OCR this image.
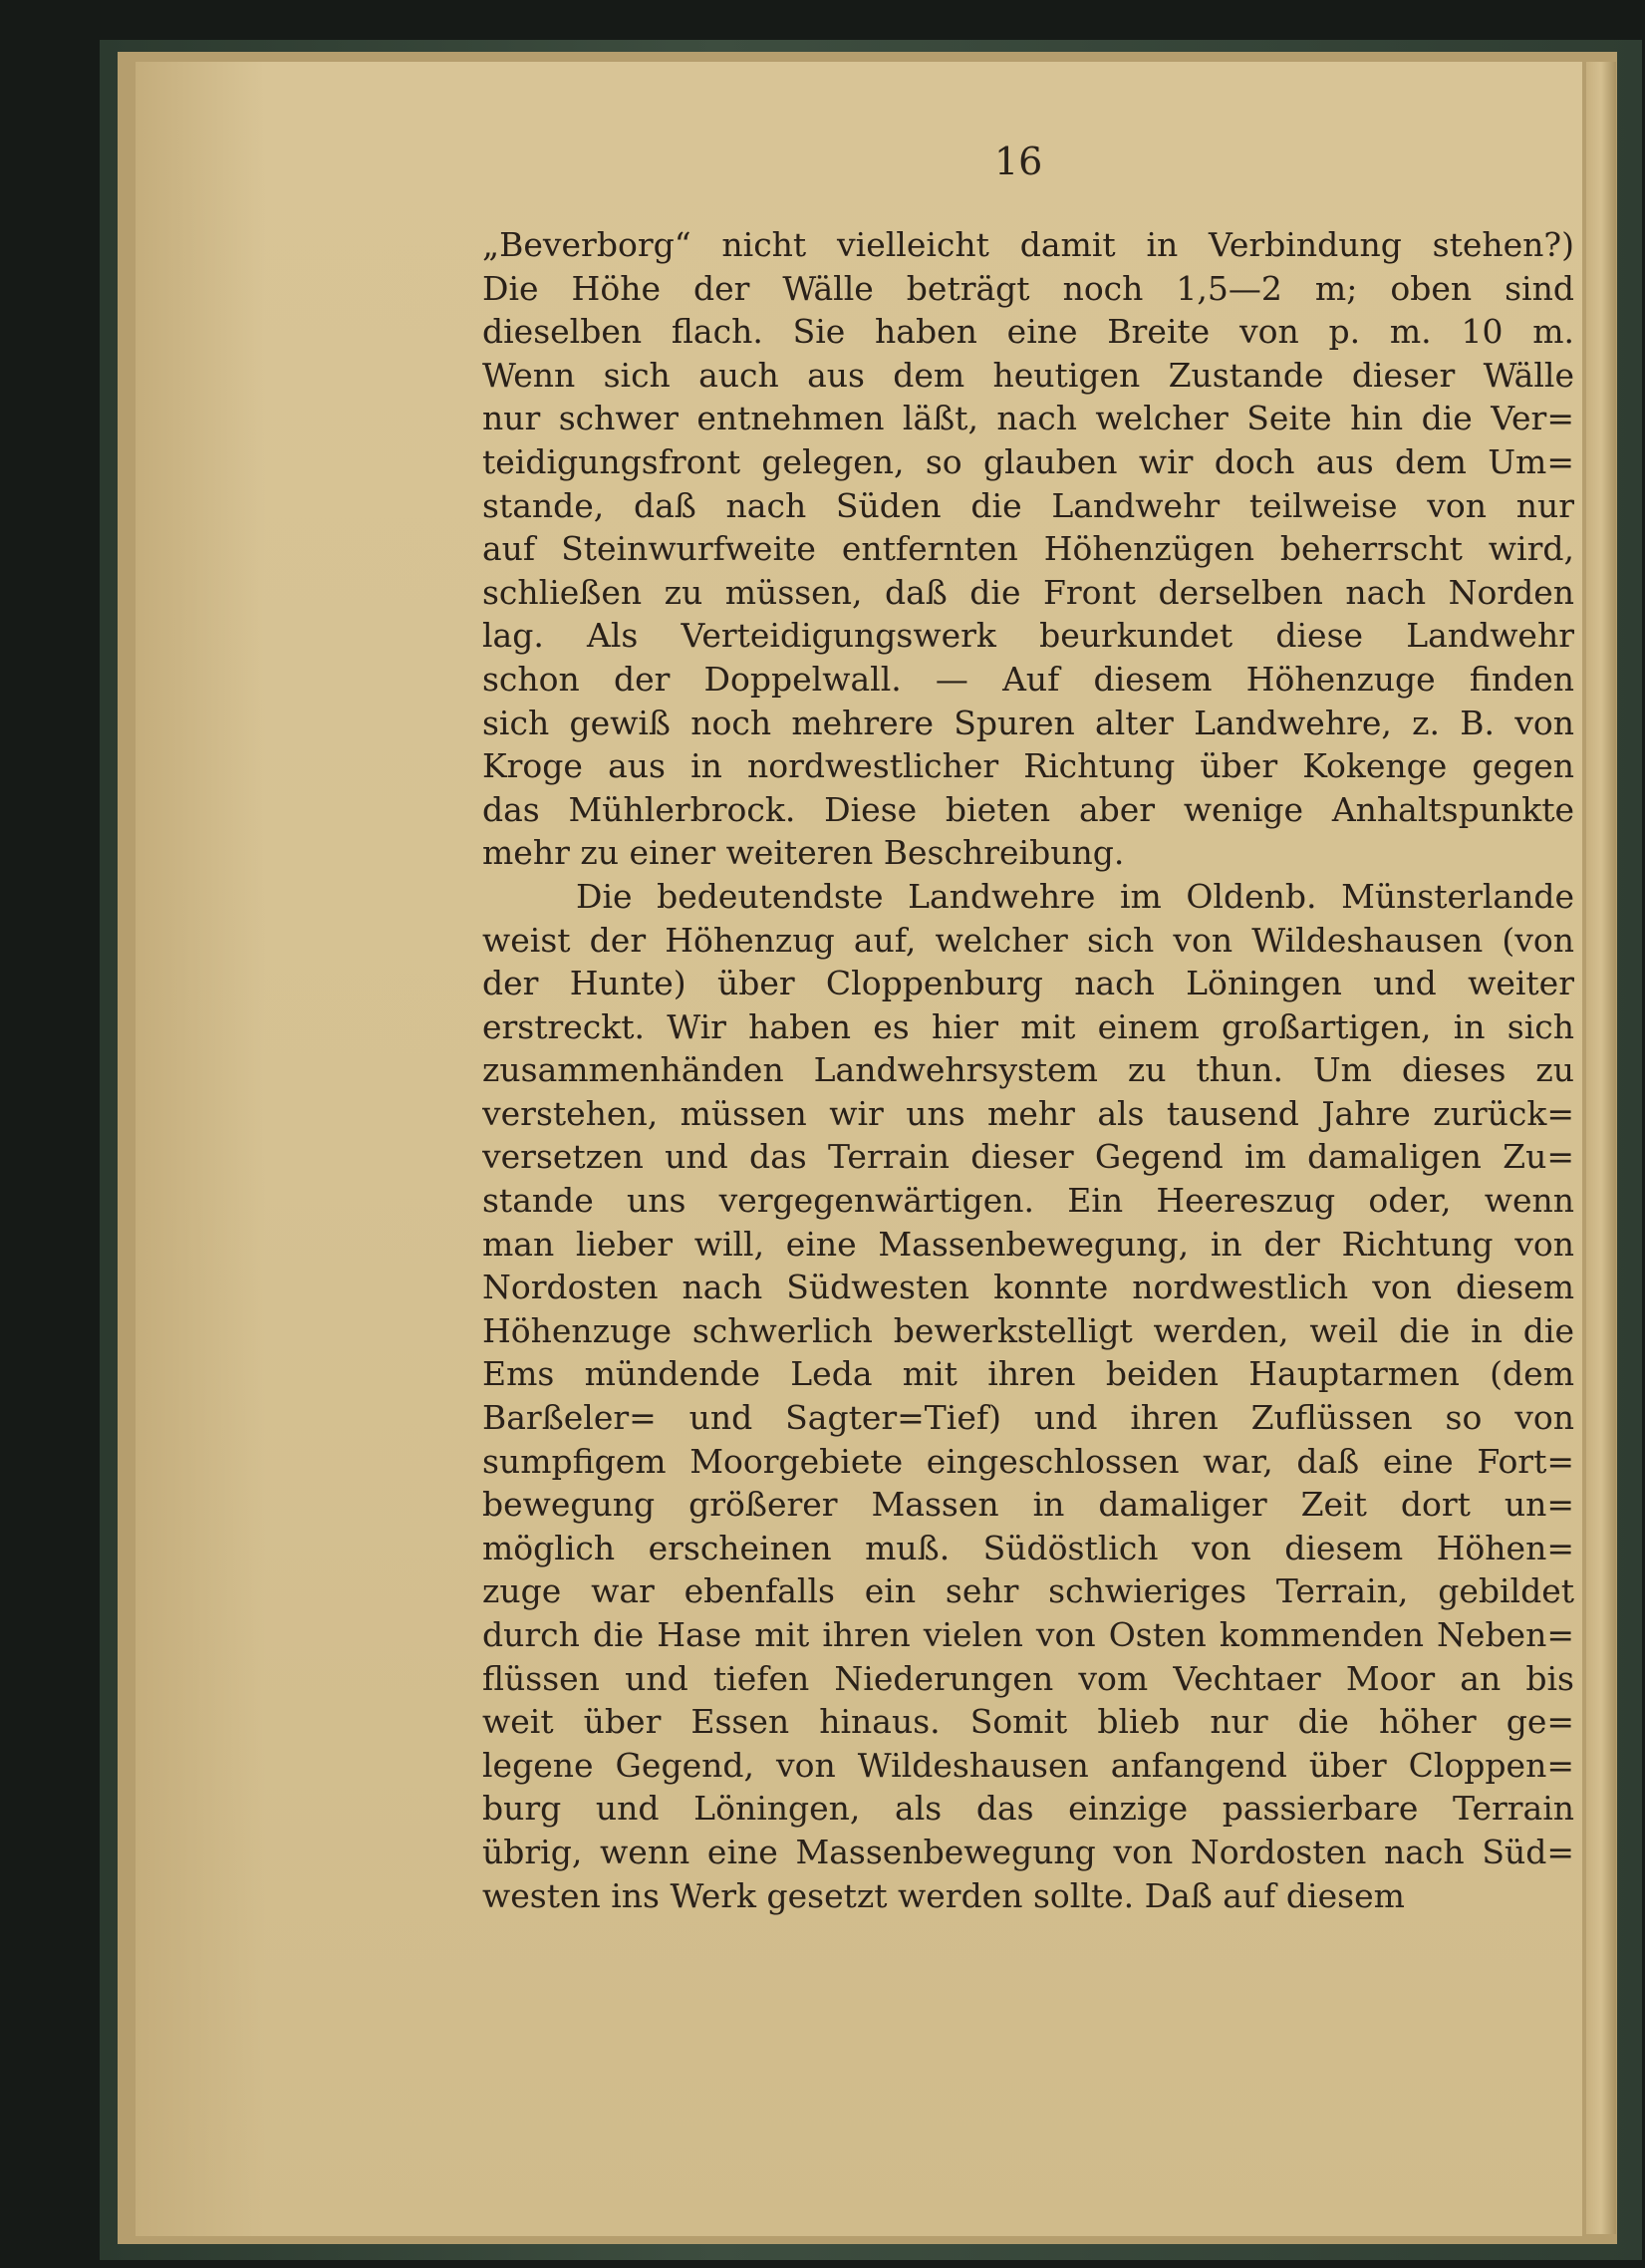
16
„Beverborg“ nicht vielleicht damit in Verbindung stehen?)
Die Höhe der Wälle beträgt noch 1,5—2 m; oben sind
dieselben flach. Sie haben eine Breite von p. m. 10 m.
Wenn sich auch aus dem heutigen Zustande dieser Wälle
nur schwer entnehmen läßt, nach welcher Seite hin die Ver=
teidigungsfront gelegen, so glauben wir doch aus dem Um=
stande, daß nach Süden die Landwehr teilweise von nur
auf Steinwurfweite entfernten Höhenzügen beherrscht wird,
schließen zu müssen, daß die Front derselben nach Norden
lag. Als Verteidigungswerk beurkundet diese Landwehr
schon der Doppelwall. — Auf diesem Höhenzuge finden
sich gewiß noch mehrere Spuren alter Landwehre, z. B. von
Kroge aus in nordwestlicher Richtung über Kokenge gegen
das Mühlerbrock. Diese bieten aber wenige Anhaltspunkte
mehr zu einer weiteren Beschreibung.
Die bedeutendste Landwehre im Oldenb. Münsterlande
weist der Höhenzug auf, welcher sich von Wildeshausen (von
der Hunte) über Cloppenburg nach Löningen und weiter
erstreckt. Wir haben es hier mit einem großartigen, in sich
zusammenhänden Landwehrsystem zu thun. Um dieses zu
verstehen, müssen wir uns mehr als tausend Jahre zurück=
versetzen und das Terrain dieser Gegend im damaligen Zu=
stande uns vergegenwärtigen. Ein Heereszug oder, wenn
man lieber will, eine Massenbewegung, in der Richtung von
Nordosten nach Südwesten konnte nordwestlich von diesem
Höhenzuge schwerlich bewerkstelligt werden, weil die in die
Ems mündende Leda mit ihren beiden Hauptarmen (dem
Barßeler= und Sagter=Tief) und ihren Zuflüssen so von
sumpfigem Moorgebiete eingeschlossen war, daß eine Fort=
bewegung größerer Massen in damaliger Zeit dort un=
möglich erscheinen muß. Südöstlich von diesem Höhen=
zuge war ebenfalls ein sehr schwieriges Terrain, gebildet
durch die Hase mit ihren vielen von Osten kommenden Neben=
flüssen und tiefen Niederungen vom Vechtaer Moor an bis
weit über Essen hinaus. Somit blieb nur die höher ge=
legene Gegend, von Wildeshausen anfangend über Cloppen=
burg und Löningen, als das einzige passierbare Terrain
übrig, wenn eine Massenbewegung von Nordosten nach Süd=
westen ins Werk gesetzt werden sollte. Daß auf diesem
